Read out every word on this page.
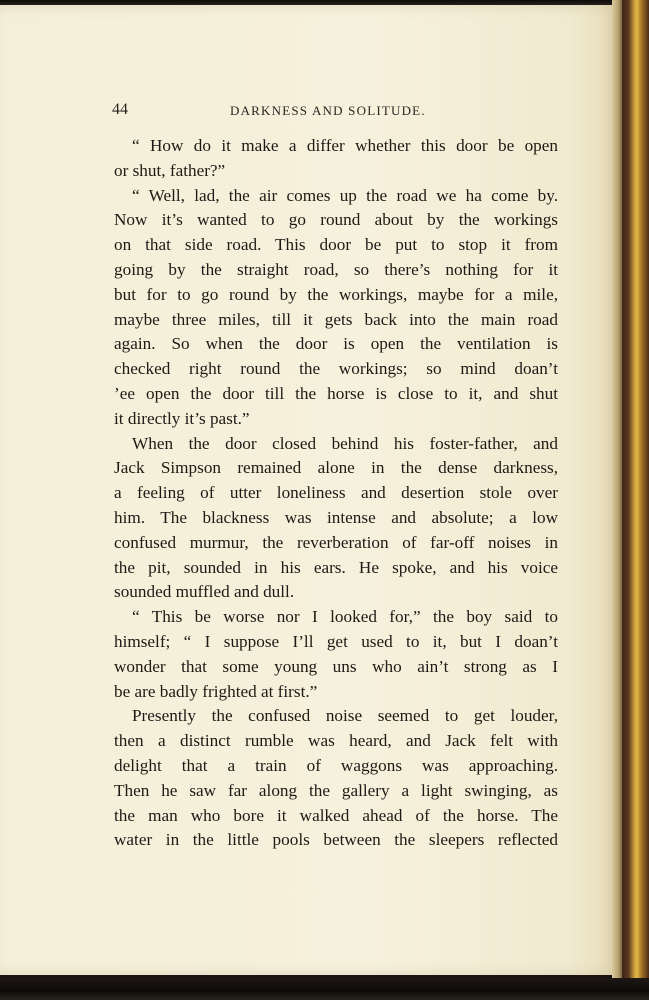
44	DARKNESS AND SOLITUDE.
“ How do it make a differ whether this door be open
or shut, father?”
“ Well, lad, the air comes up the road we ha come by.
Now it’s wanted to go round about by the workings
on that side road. This door be put to stop it from
going by the straight road, so there’s nothing for it
but for to go round by the workings, maybe for a mile,
maybe three miles, till it gets back into the main road
again. So when the door is open the ventilation is
checked right round the workings; so mind doan’t
’ee open the door till the horse is close to it, and shut
it directly it’s past.”
When the door closed behind his foster-father, and
Jack Simpson remained alone in the dense darkness,
a feeling of utter loneliness and desertion stole over
him. The blackness was intense and absolute; a low
confused murmur, the reverberation of far-off noises in
the pit, sounded in his ears. He spoke, and his voice
sounded muffled and dull.
“ This be worse nor I looked for,” the boy said to
himself; “ I suppose I’ll get used to it, but I doan’t
wonder that some young uns who ain’t strong as I
be are badly frighted at first.”
Presently the confused noise seemed to get louder,
then a distinct rumble was heard, and Jack felt with
delight that a train of waggons was approaching.
Then he saw far along the gallery a light swinging, as
the man who bore it walked ahead of the horse. The
water in the little pools between the sleepers reflected
